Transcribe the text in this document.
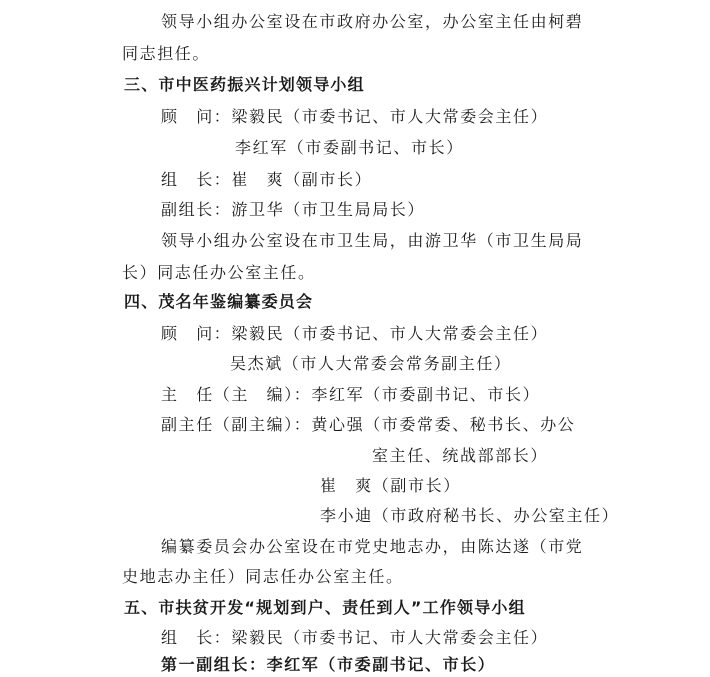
领导小组办公室设在市政府办公室，办公室主任由柯碧
同志担任。
三、市中医药振兴计划领导小组
顾　问：梁毅民（市委书记、市人大常委会主任）
李红军（市委副书记、市长）
组　长：崔　爽（副市长）
副组长：游卫华（市卫生局局长）
领导小组办公室设在市卫生局，由游卫华（市卫生局局
长）同志任办公室主任。
四、茂名年鉴编纂委员会
顾　问：梁毅民（市委书记、市人大常委会主任）
吴杰斌（市人大常委会常务副主任）
主　任（主　编）：李红军（市委副书记、市长）
副主任（副主编）：黄心强（市委常委、秘书长、办公
室主任、统战部部长）
崔　爽（副市长）
李小迪（市政府秘书长、办公室主任）
编纂委员会办公室设在市党史地志办，由陈达遂（市党
史地志办主任）同志任办公室主任。
五、市扶贫开发“规划到户、责任到人”工作领导小组
组　长：梁毅民（市委书记、市人大常委会主任）
第一副组长：李红军（市委副书记、市长）
